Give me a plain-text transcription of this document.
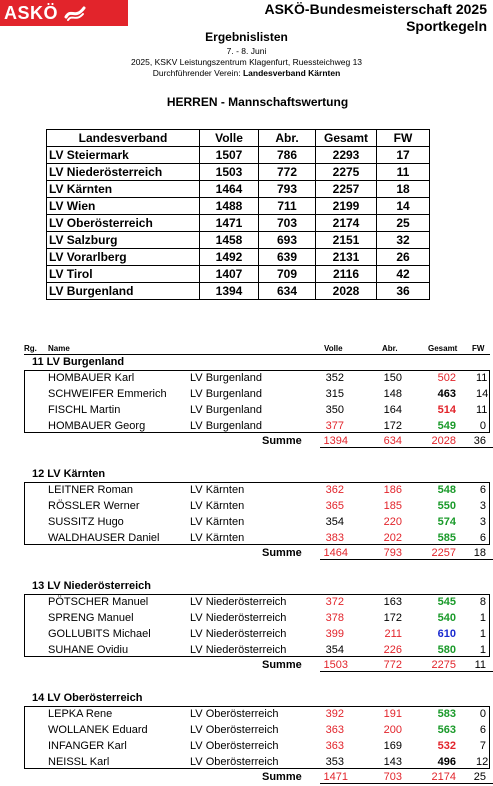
ASKÖ	ASKÖ-Bundesmeisterschaft 2025
Sportkegeln
Ergebnislisten
7. - 8. Juni
2025, KSKV Leistungszentrum Klagenfurt, Ruessteichweg 13
Durchführender Verein: Landesverband Kärnten
HERREN - Mannschaftswertung
Landesverband	Volle	Abr.	Gesamt	FW
LV Steiermark	1507	786	2293	17
LV Niederösterreich	1503	772	2275	11
LV Kärnten	1464	793	2257	18
LV Wien	1488	711	2199	14
LV Oberösterreich	1471	703	2174	25
LV Salzburg	1458	693	2151	32
LV Vorarlberg	1492	639	2131	26
LV Tirol	1407	709	2116	42
LV Burgenland	1394	634	2028	36
Rg. Name	Volle	Abr.	Gesamt FW
11 LV Burgenland
HOMBAUER Karl	LV Burgenland	352	150	502 11
SCHWEIFER Emmerich LV Burgenland	315	148	463 14
FISCHL Martin	LV Burgenland	350	164	514 11
HOMBAUER Georg	LV Burgenland	377	172	549	0
Summe	1394	634	2028 36
12 LV Kärnten
LEITNER Roman	LV Kärnten	362	186	548	6
RÖSSLER Werner	LV Kärnten	365	185	550	3
SUSSITZ Hugo	LV Kärnten	354	220	574	3
WALDHAUSER Daniel	LV Kärnten	383	202	585	6
Summe	1464	793	2257 18
13 LV Niederösterreich
PÖTSCHER Manuel	LV Niederösterreich	372	163	545	8
SPRENG Manuel	LV Niederösterreich	378	172	540	1
GOLLUBITS Michael	LV Niederösterreich	399	211	610	1
SUHANE Ovidiu	LV Niederösterreich	354	226	580	1
Summe	1503	772	2275 11
14 LV Oberösterreich
LEPKA Rene	LV Oberösterreich	392	191	583	0
WOLLANEK Eduard	LV Oberösterreich	363	200	563	6
INFANGER Karl	LV Oberösterreich	363	169	532	7
NEISSL Karl	LV Oberösterreich	353	143	496 12
Summe	1471	703	2174 25
